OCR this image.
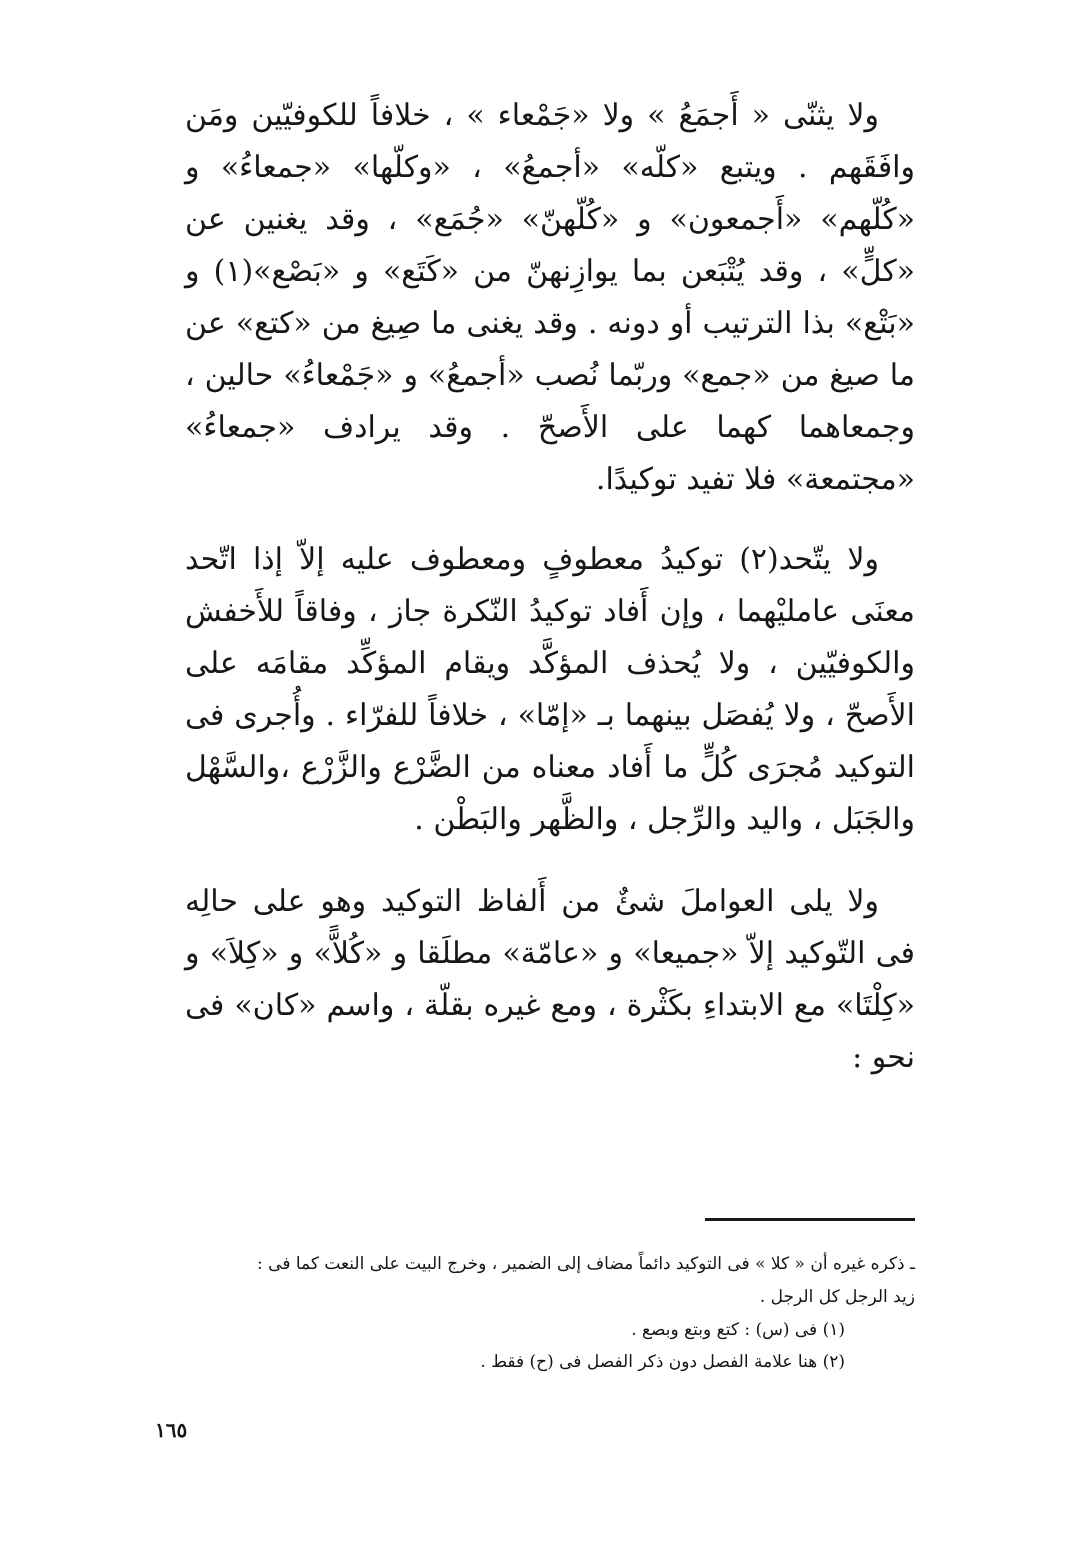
ولا يثنّى « أَجمَعُ » ولا «جَمْعاء » ، خلافاً للكوفيّين ومَن وافَقَهم . ويتبع «كلّه» «أجمعُ» ، «وكلّها» «جمعاءُ» و «كُلّهم» «أَجمعون» و «كُلّهنّ» «جُمَع» ، وقد يغنين عن «كلٍّ» ، وقد يُتْبَعن بما يوازِنهنّ من «كَتَع» و «بَصْع»(١) و «بَتْع» بذا الترتيب أو دونه . وقد يغنى ما صِيغ من «كتع» عن ما صيغ من «جمع» وربّما نُصب «أجمعُ» و «جَمْعاءُ» حالين ، وجمعاهما كهما على الأَصحّ . وقد يرادف «جمعاءُ» «مجتمعة» فلا تفيد توكيدًا.

ولا يتّحد(٢) توكيدُ معطوفٍ ومعطوف عليه إلاّ إذا اتّحد معنَى عامليْهما ، وإن أَفاد توكيدُ النّكرة جاز ، وفاقاً للأَخفش والكوفيّين ، ولا يُحذف المؤكَّد ويقام المؤكِّد مقامَه على الأَصحّ ، ولا يُفصَل بينهما بـ «إمّا» ، خلافاً للفرّاء . وأُجرى فى التوكيد مُجرَى كُلٍّ ما أَفاد معناه من الضَّرْع والزَّرْع ،والسَّهْل والجَبَل ، واليد والرِّجل ، والظَّهر والبَطْن .

ولا يلى العواملَ شئٌ من أَلفاظ التوكيد وهو على حالِه فى التّوكيد إلاّ «جميعا» و «عامّة» مطلَقا و «كُلاًّ» و «كِلاَ» و «كِلْتَا» مع الابتداءِ بكَثْرة ، ومع غيره بقلّة ، واسم «كان» فى نحو :

ـ ذكره غيره أن « كلا » فى التوكيد دائماً مضاف إلى الضمير ، وخرج البيت على النعت كما فى :

زيد الرجل كل الرجل .

(١) فى (س) : كتع وبتع وبصع .

(٢) هنا علامة الفصل دون ذكر الفصل فى (ح) فقط .

١٦٥
